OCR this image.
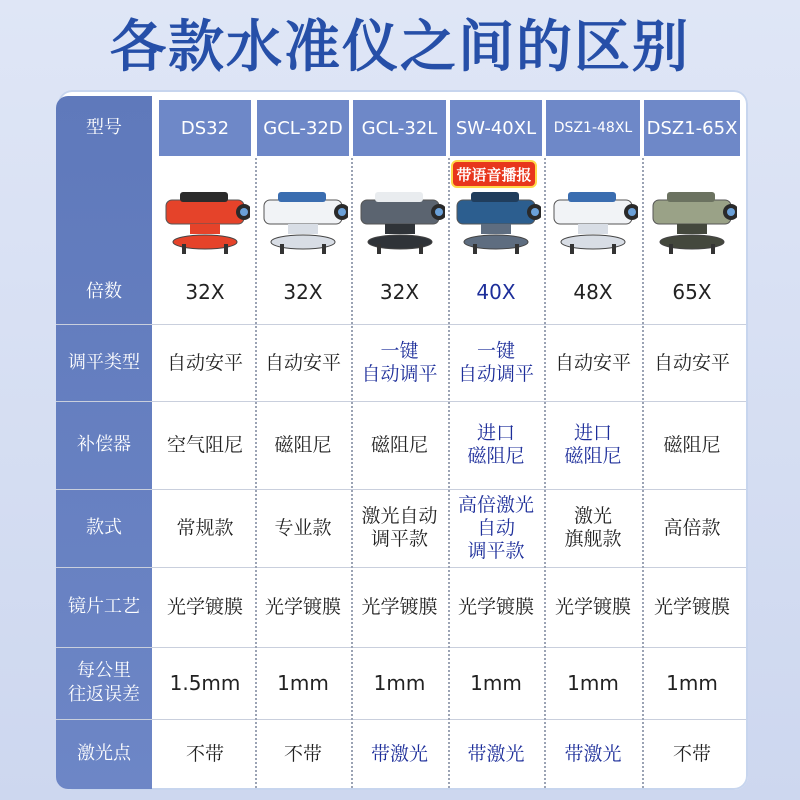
各款水准仪之间的区别
型号
倍数
调平类型
补偿器
款式
镜片工艺
每公里
往返误差
激光点
带语音播报
DS32
32X
自动安平
空气阻尼
常规款
光学镀膜
1.5mm
不带
GCL-32D
32X
自动安平
磁阻尼
专业款
光学镀膜
1mm
不带
GCL-32L
32X
一键
自动调平
磁阻尼
激光自动
调平款
光学镀膜
1mm
带激光
SW-40XL
40X
一键
自动调平
进口
磁阻尼
高倍激光
自动
调平款
光学镀膜
1mm
带激光
DSZ1-48XL
48X
自动安平
进口
磁阻尼
激光
旗舰款
光学镀膜
1mm
带激光
DSZ1-65X
65X
自动安平
磁阻尼
高倍款
光学镀膜
1mm
不带
